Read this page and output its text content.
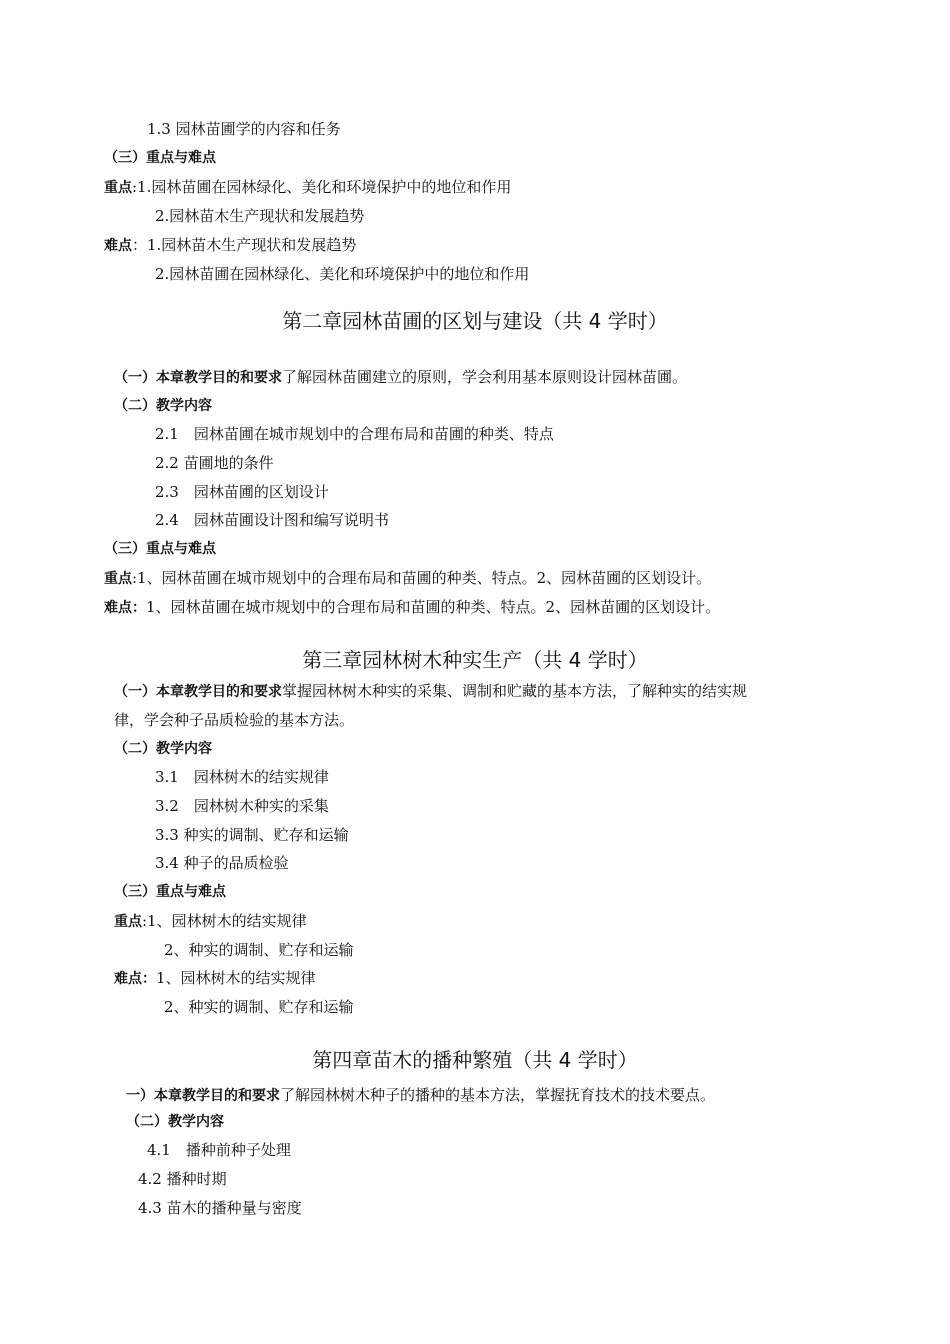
1.3 园林苗圃学的内容和任务
（三）重点与难点
重点:1.园林苗圃在园林绿化、美化和环境保护中的地位和作用
2.园林苗木生产现状和发展趋势
难点：1.园林苗木生产现状和发展趋势
2.园林苗圃在园林绿化、美化和环境保护中的地位和作用
第二章园林苗圃的区划与建设（共 4 学时）
（一）本章教学目的和要求了解园林苗圃建立的原则，学会利用基本原则设计园林苗圃。
（二）教学内容
2.1　园林苗圃在城市规划中的合理布局和苗圃的种类、特点
2.2 苗圃地的条件
2.3　园林苗圃的区划设计
2.4　园林苗圃设计图和编写说明书
（三）重点与难点
重点:1、园林苗圃在城市规划中的合理布局和苗圃的种类、特点。2、园林苗圃的区划设计。
难点：1、园林苗圃在城市规划中的合理布局和苗圃的种类、特点。2、园林苗圃的区划设计。
第三章园林树木种实生产（共 4 学时）
（一）本章教学目的和要求掌握园林树木种实的采集、调制和贮藏的基本方法，了解种实的结实规
律，学会种子品质检验的基本方法。
（二）教学内容
3.1　园林树木的结实规律
3.2　园林树木种实的采集
3.3 种实的调制、贮存和运输
3.4 种子的品质检验
（三）重点与难点
重点:1、园林树木的结实规律
2、种实的调制、贮存和运输
难点：1、园林树木的结实规律
2、种实的调制、贮存和运输
第四章苗木的播种繁殖（共 4 学时）
一）本章教学目的和要求了解园林树木种子的播种的基本方法，掌握抚育技术的技术要点。
（二）教学内容
4.1　播种前种子处理
4.2 播种时期
4.3 苗木的播种量与密度
